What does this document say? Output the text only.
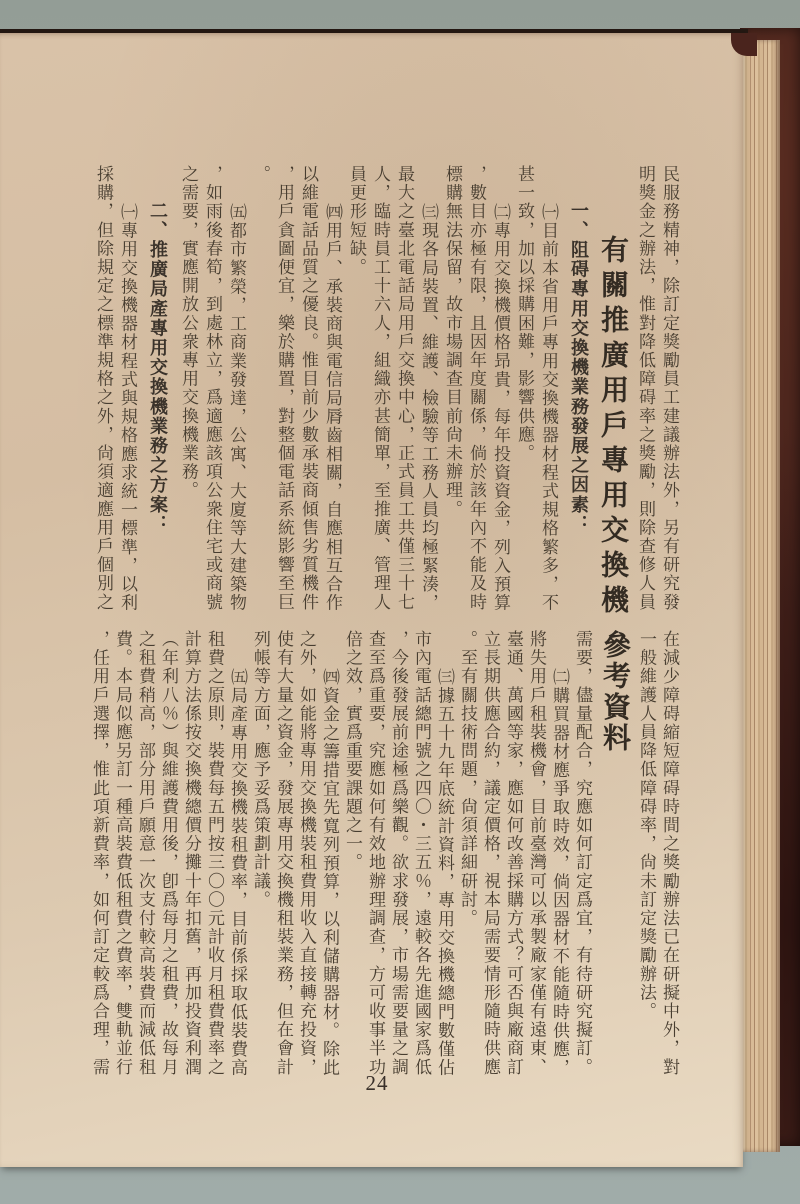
民服務精神，除訂定獎勵員工建議辦法外，另有研究發
明獎金之辦法，惟對降低障碍率之獎勵，則除查修人員
有關推廣用戶專用交換機
一、阻碍專用交換機業務發展之因素：
㈠目前本省用戶專用交換機器材程式規格繁多，不
甚一致，加以採購困難，影響供應。
㈡專用交換機價格昻貴，每年投資資金，列入預算
，數目亦極有限，且因年度關係，倘於該年內不能及時
標購無法保留，故市場調查目前尙未辦理。
㈢現各局裝置、維護、檢驗等工務人員均極緊湊，
最大之臺北電話局用戶交換中心，正式員工共僅三十七
人，臨時員工十六人，組織亦甚簡單，至推廣、管理人
員更形短缺。
㈣用戶、承裝商與電信局脣齒相關，自應相互合作
以維電話品質之優良。惟目前少數承裝商傾售劣質機件
，用戶貪圖便宜，樂於購置，對整個電話系統影響至巨
。
㈤都市繁榮，工商業發達，公寓、大廈等大建築物
，如雨後春筍，到處林立，爲適應該項公衆住宅或商號
之需要，實應開放公衆專用交換機業務。
二、推廣局產專用交換機業務之方案：
㈠專用交換機器材程式與規格應求統一標準，以利
採購，但除規定之標準規格之外，尙須適應用戶個別之
在減少障碍縮短障碍時間之獎勵辦法已在研擬中外，對
一般維護人員降低障碍率，尙未訂定獎勵辦法。
參考資料
需要，儘量配合，究應如何訂定爲宜，有待研究擬訂。
㈡購買器材應爭取時效，倘因器材不能隨時供應，
將失用戶租裝機會，目前臺灣可以承製廠家僅有遠東、
臺通、萬國等家，應如何改善採購方式？可否與廠商訂
立長期供應合約，議定價格，視本局需要情形隨時供應
。至有關技術問題，尙須詳細研討。
㈢據五十九年底統計資料，專用交換機總門數僅佔
市內電話總門號之四〇・三五％，遠較各先進國家爲低
，今後發展前途極爲樂觀。欲求發展，市場需要量之調
查至爲重要，究應如何有效地辦理調查，方可收事半功
倍之效，實爲重要課題之一。
㈣資金之籌措宜先寬列預算，以利儲購器材。除此
之外，如能將專用交換機裝租費用收入直接轉充投資，
使有大量之資金，發展專用交換機租裝業務，但在會計
列帳等方面，應予妥爲策劃計議。
㈤局產專用交換機裝租費率，目前係採取低裝費高
租費之原則，裝費每五門按三〇〇元計收月租費費率之
計算方法係按交換機總價分攤十年扣舊，再加投資利潤
（年利八％）與維護費用後，卽爲每月之租費，故每月
之租費稍高，部分用戶願意一次支付較高裝費而減低租
費。本局似應另訂一種高裝費低租費之費率，雙軌並行
，任用戶選擇，惟此項新費率，如何訂定較爲合理，需
24
